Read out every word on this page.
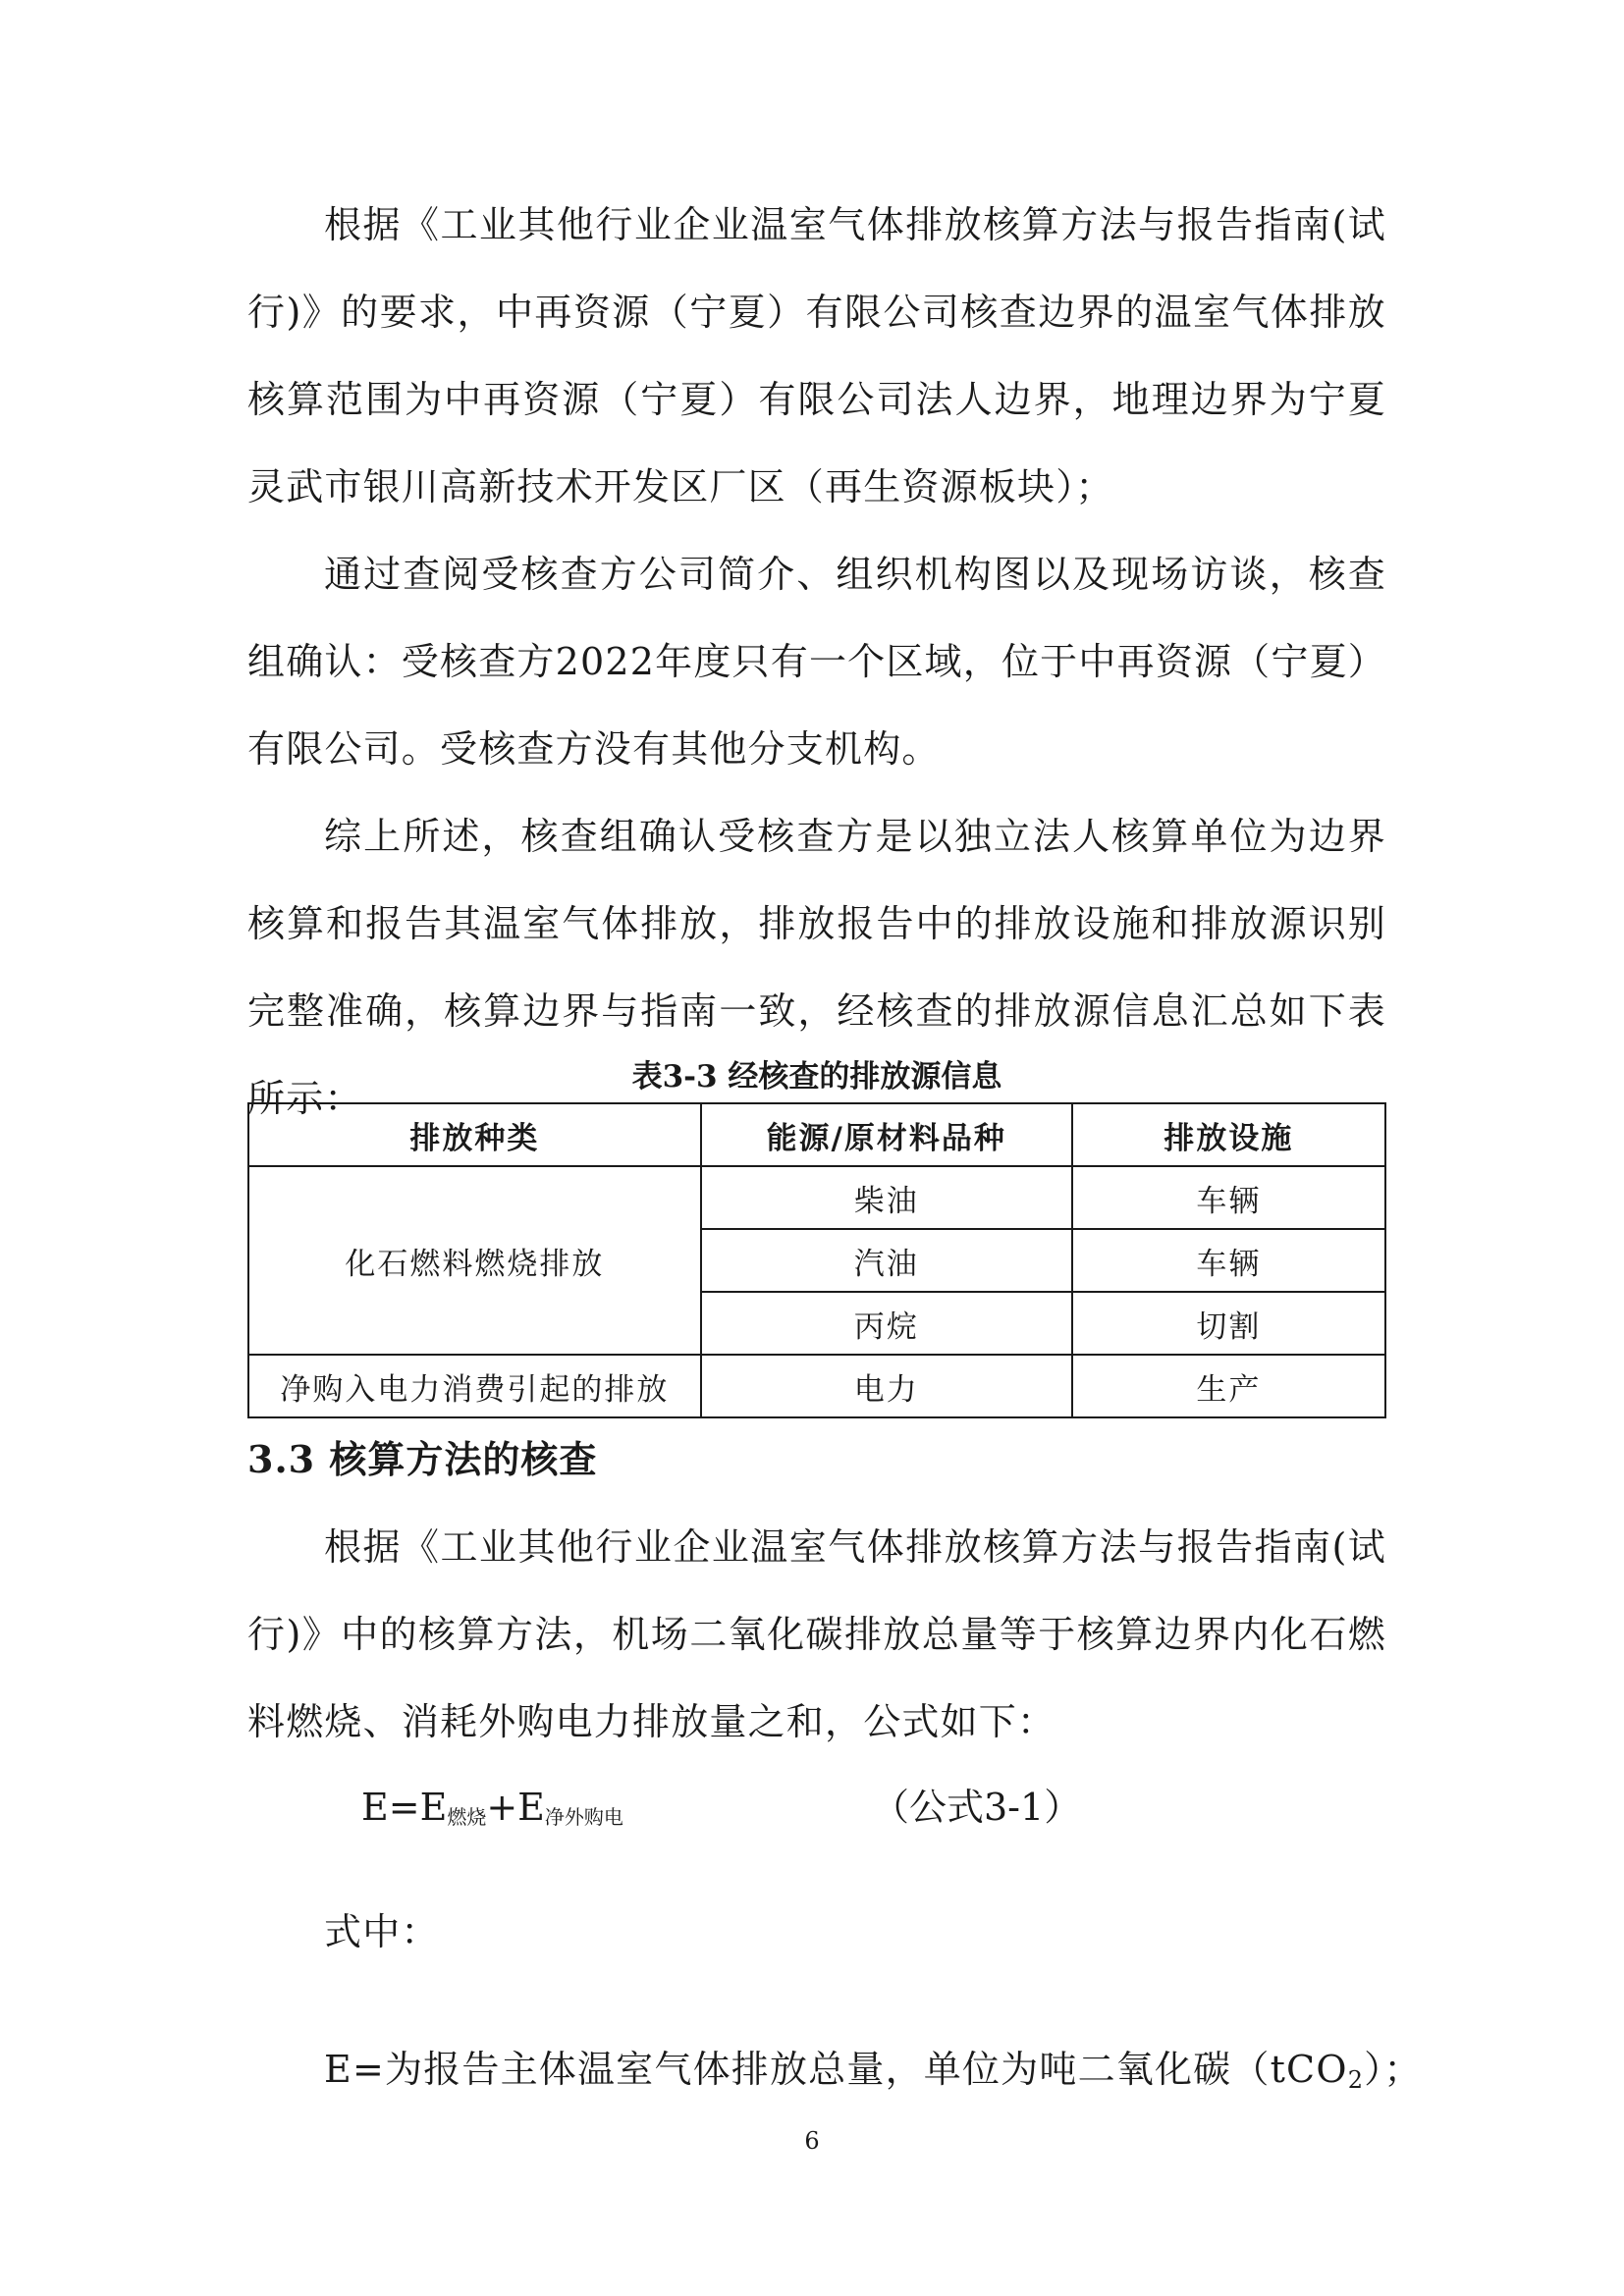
根据《工业其他行业企业温室气体排放核算方法与报告指南(试行)》的要求，中再资源（宁夏）有限公司核查边界的温室气体排放核算范围为中再资源（宁夏）有限公司法人边界，地理边界为宁夏灵武市银川高新技术开发区厂区（再生资源板块）；

通过查阅受核查方公司简介、组织机构图以及现场访谈，核查组确认：受核查方2022年度只有一个区域，位于中再资源（宁夏）有限公司。受核查方没有其他分支机构。

综上所述，核查组确认受核查方是以独立法人核算单位为边界核算和报告其温室气体排放，排放报告中的排放设施和排放源识别完整准确，核算边界与指南一致，经核查的排放源信息汇总如下表所示：	表3-3 经核查的排放源信息

排放种类	能源/原材料品种	排放设施
化石燃料燃烧排放	柴油	车辆
	汽油	车辆
	丙烷	切割
净购入电力消费引起的排放	电力	生产
3.3 核算方法的核查

根据《工业其他行业企业温室气体排放核算方法与报告指南(试行)》中的核算方法，机场二氧化碳排放总量等于核算边界内化石燃料燃烧、消耗外购电力排放量之和，公式如下：

$E=E_{燃烧}+E_{净外购电}$	（公式3-1）

式中：

E=为报告主体温室气体排放总量，单位为吨二氧化碳（tCO2）；

6
